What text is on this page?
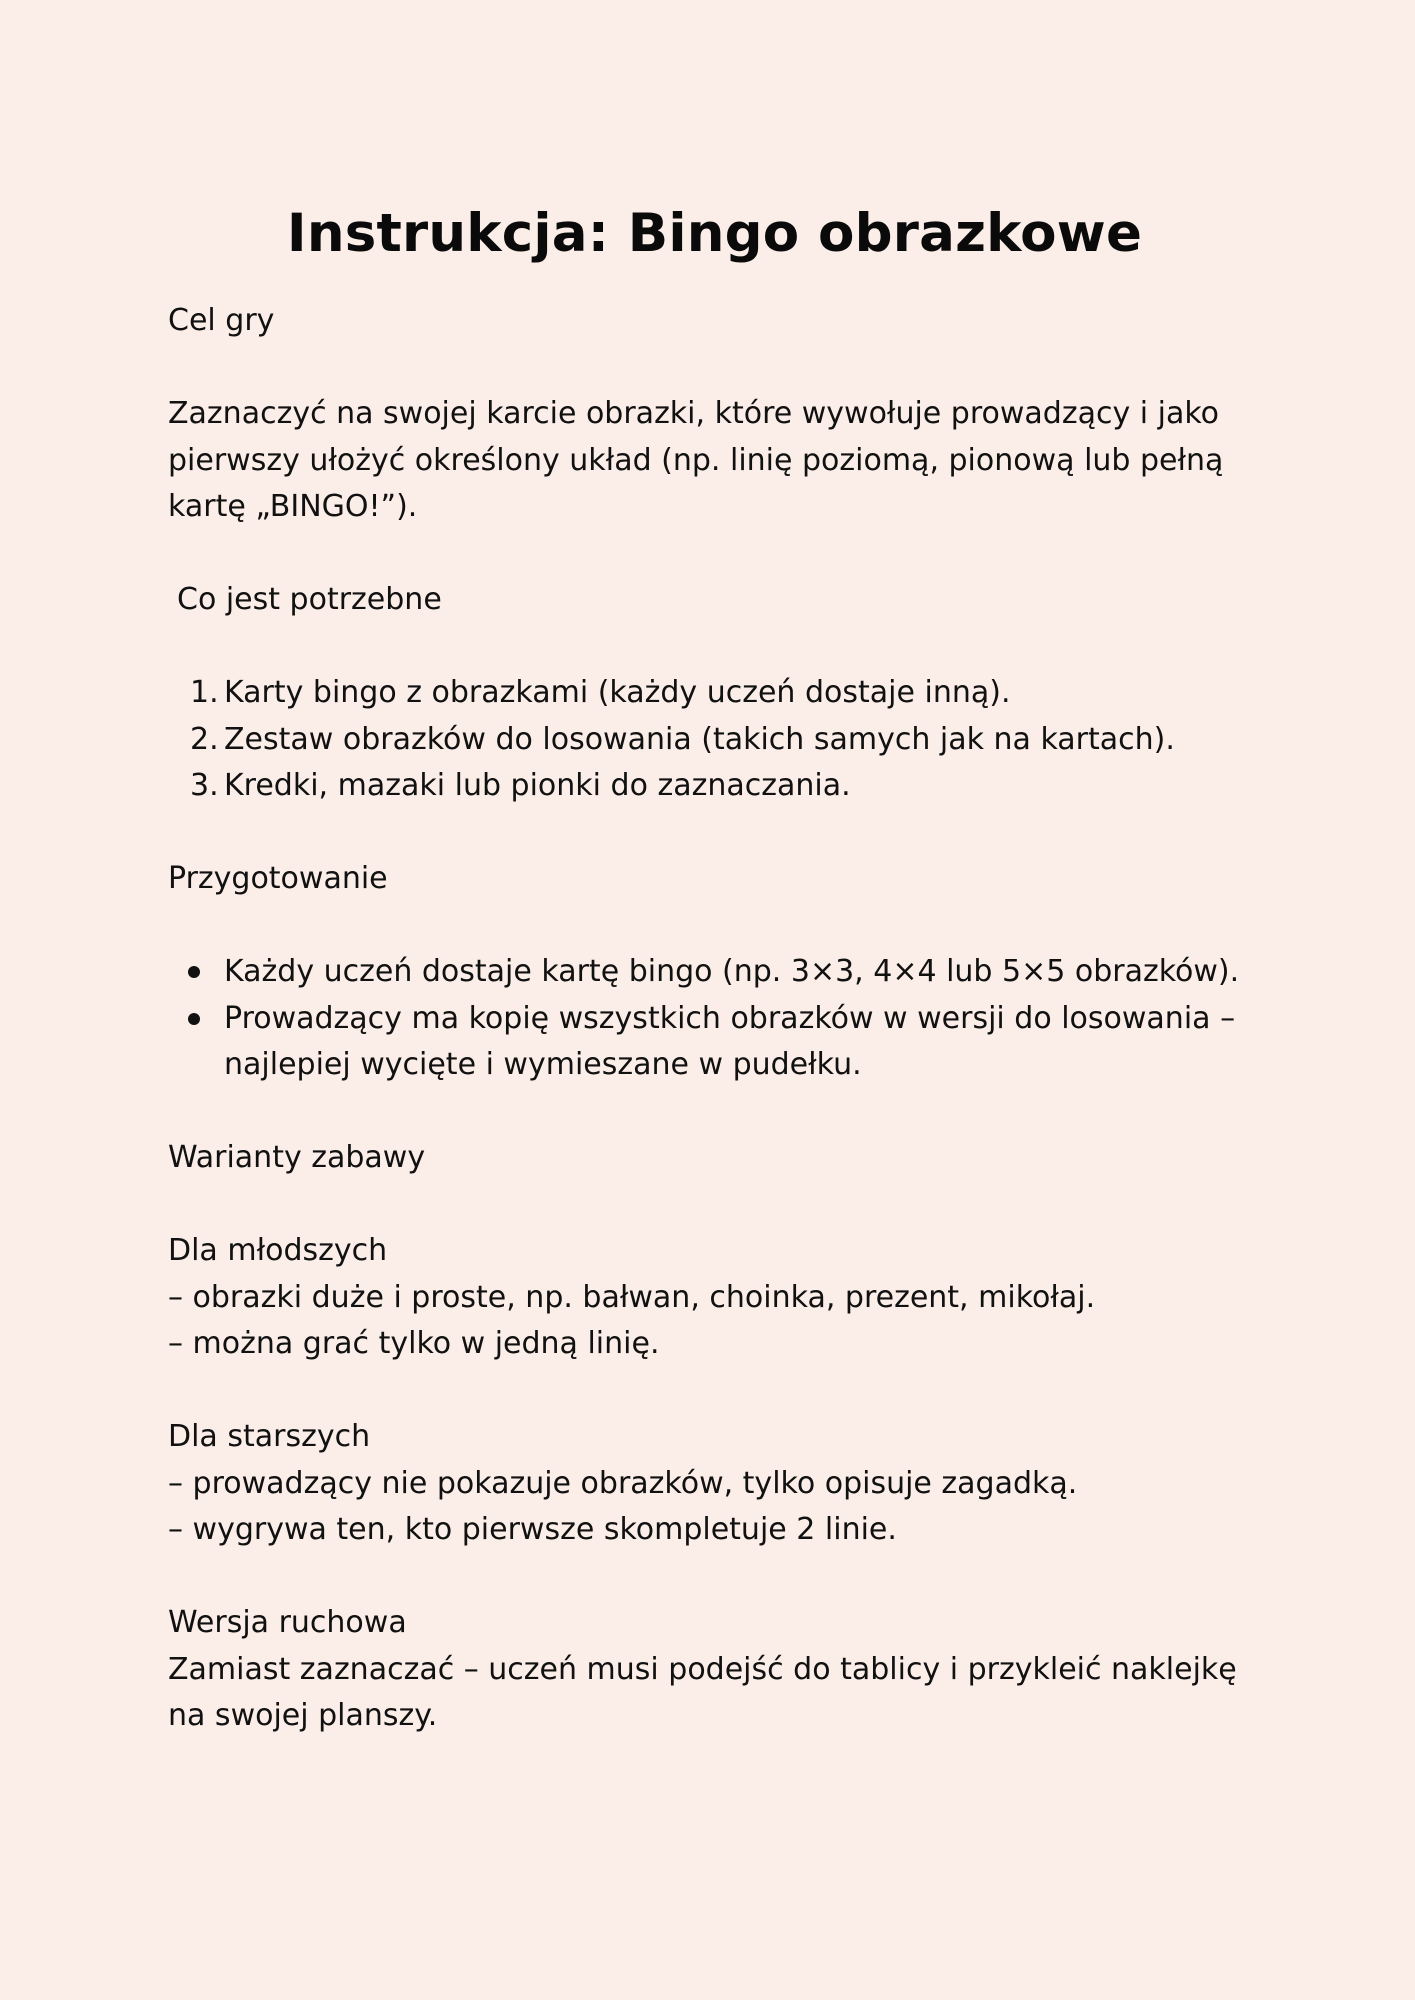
Instrukcja: Bingo obrazkowe

Cel gry

Zaznaczyć na swojej karcie obrazki, które wywołuje prowadzący i jako pierwszy ułożyć określony układ (np. linię poziomą, pionową lub pełną kartę „BINGO!”).

Co jest potrzebne

1. Karty bingo z obrazkami (każdy uczeń dostaje inną).
2. Zestaw obrazków do losowania (takich samych jak na kartach).
3. Kredki, mazaki lub pionki do zaznaczania.

Przygotowanie

Każdy uczeń dostaje kartę bingo (np. 3×3, 4×4 lub 5×5 obrazków).
Prowadzący ma kopię wszystkich obrazków w wersji do losowania – najlepiej wycięte i wymieszane w pudełku.

Warianty zabawy

Dla młodszych

– obrazki duże i proste, np. bałwan, choinka, prezent, mikołaj.

– można grać tylko w jedną linię.

Dla starszych

– prowadzący nie pokazuje obrazków, tylko opisuje zagadką.

– wygrywa ten, kto pierwsze skompletuje 2 linie.

Wersja ruchowa

Zamiast zaznaczać – uczeń musi podejść do tablicy i przykleić naklejkę na swojej planszy.
